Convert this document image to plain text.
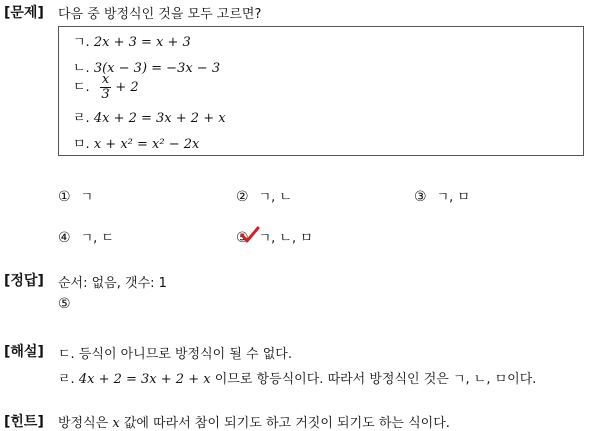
[문제] 다음 중 방정식인 것을 모두 고르면?
ㄱ. 2x + 3 = x + 3
ㄴ. 3(x − 3) = −3x − 3
ㄷ. $\frac{x}{3} + 2$
ㄹ. 4x + 2 = 3x + 2 + x
ㅁ. x + x² = x² − 2x
① ㄱ	② ㄱ, ㄴ	③ ㄱ, ㅁ
④ ㄱ, ㄷ	⑤ ㄱ, ㄴ, ㅁ
[정답] 순서: 없음, 갯수: 1
⑤
[해설] ㄷ. 등식이 아니므로 방정식이 될 수 없다.
ㄹ. 4x + 2 = 3x + 2 + x 이므로 항등식이다. 따라서 방정식인 것은 ㄱ, ㄴ, ㅁ이다.
[힌트] 방정식은 x 값에 따라서 참이 되기도 하고 거짓이 되기도 하는 식이다.
